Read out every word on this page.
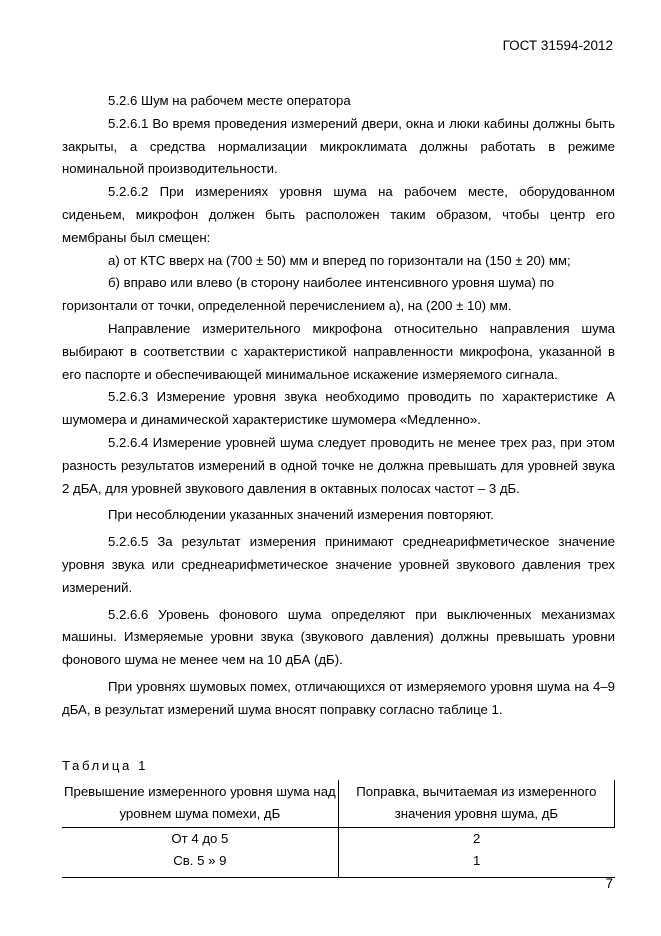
ГОСТ 31594-2012

5.2.6 Шум на рабочем месте оператора

5.2.6.1 Во время проведения измерений двери, окна и люки кабины должны быть закрыты, а средства нормализации микроклимата должны работать в режиме номинальной производительности.

5.2.6.2 При измерениях уровня шума на рабочем месте, оборудованном сиденьем, микрофон должен быть расположен таким образом, чтобы центр его мембраны был смещен:

а) от КТС вверх на (700 ± 50) мм и вперед по горизонтали на (150 ± 20) мм;

б) вправо или влево (в сторону наиболее интенсивного уровня шума) по

горизонтали от точки, определенной перечислением а), на (200 ± 10) мм.

Направление измерительного микрофона относительно направления шума выбирают в соответствии с характеристикой направленности микрофона, указанной в его паспорте и обеспечивающей минимальное искажение измеряемого сигнала.

5.2.6.3 Измерение уровня звука необходимо проводить по характеристике А шумомера и динамической характеристике шумомера «Медленно».

5.2.6.4 Измерение уровней шума следует проводить не менее трех раз, при этом разность результатов измерений в одной точке не должна превышать для уровней звука 2 дБА, для уровней звукового давления в октавных полосах частот – 3 дБ.

При несоблюдении указанных значений измерения повторяют.

5.2.6.5 За результат измерения принимают среднеарифметическое значение уровня звука или среднеарифметическое значение уровней звукового давления трех измерений.

5.2.6.6 Уровень фонового шума определяют при выключенных механизмах машины. Измеряемые уровни звука (звукового давления) должны превышать уровни фонового шума не менее чем на 10 дБА (дБ).

При уровнях шумовых помех, отличающихся от измеряемого уровня шума на 4–9 дБА, в результат измерений шума вносят поправку согласно таблице 1.

Таблица 1
Превышение измеренного уровня шума над уровнем шума помехи, дБ	Поправка, вычитаемая из измеренного значения уровня шума, дБ
От 4 до 5	2
Св. 5 » 9	1
7
